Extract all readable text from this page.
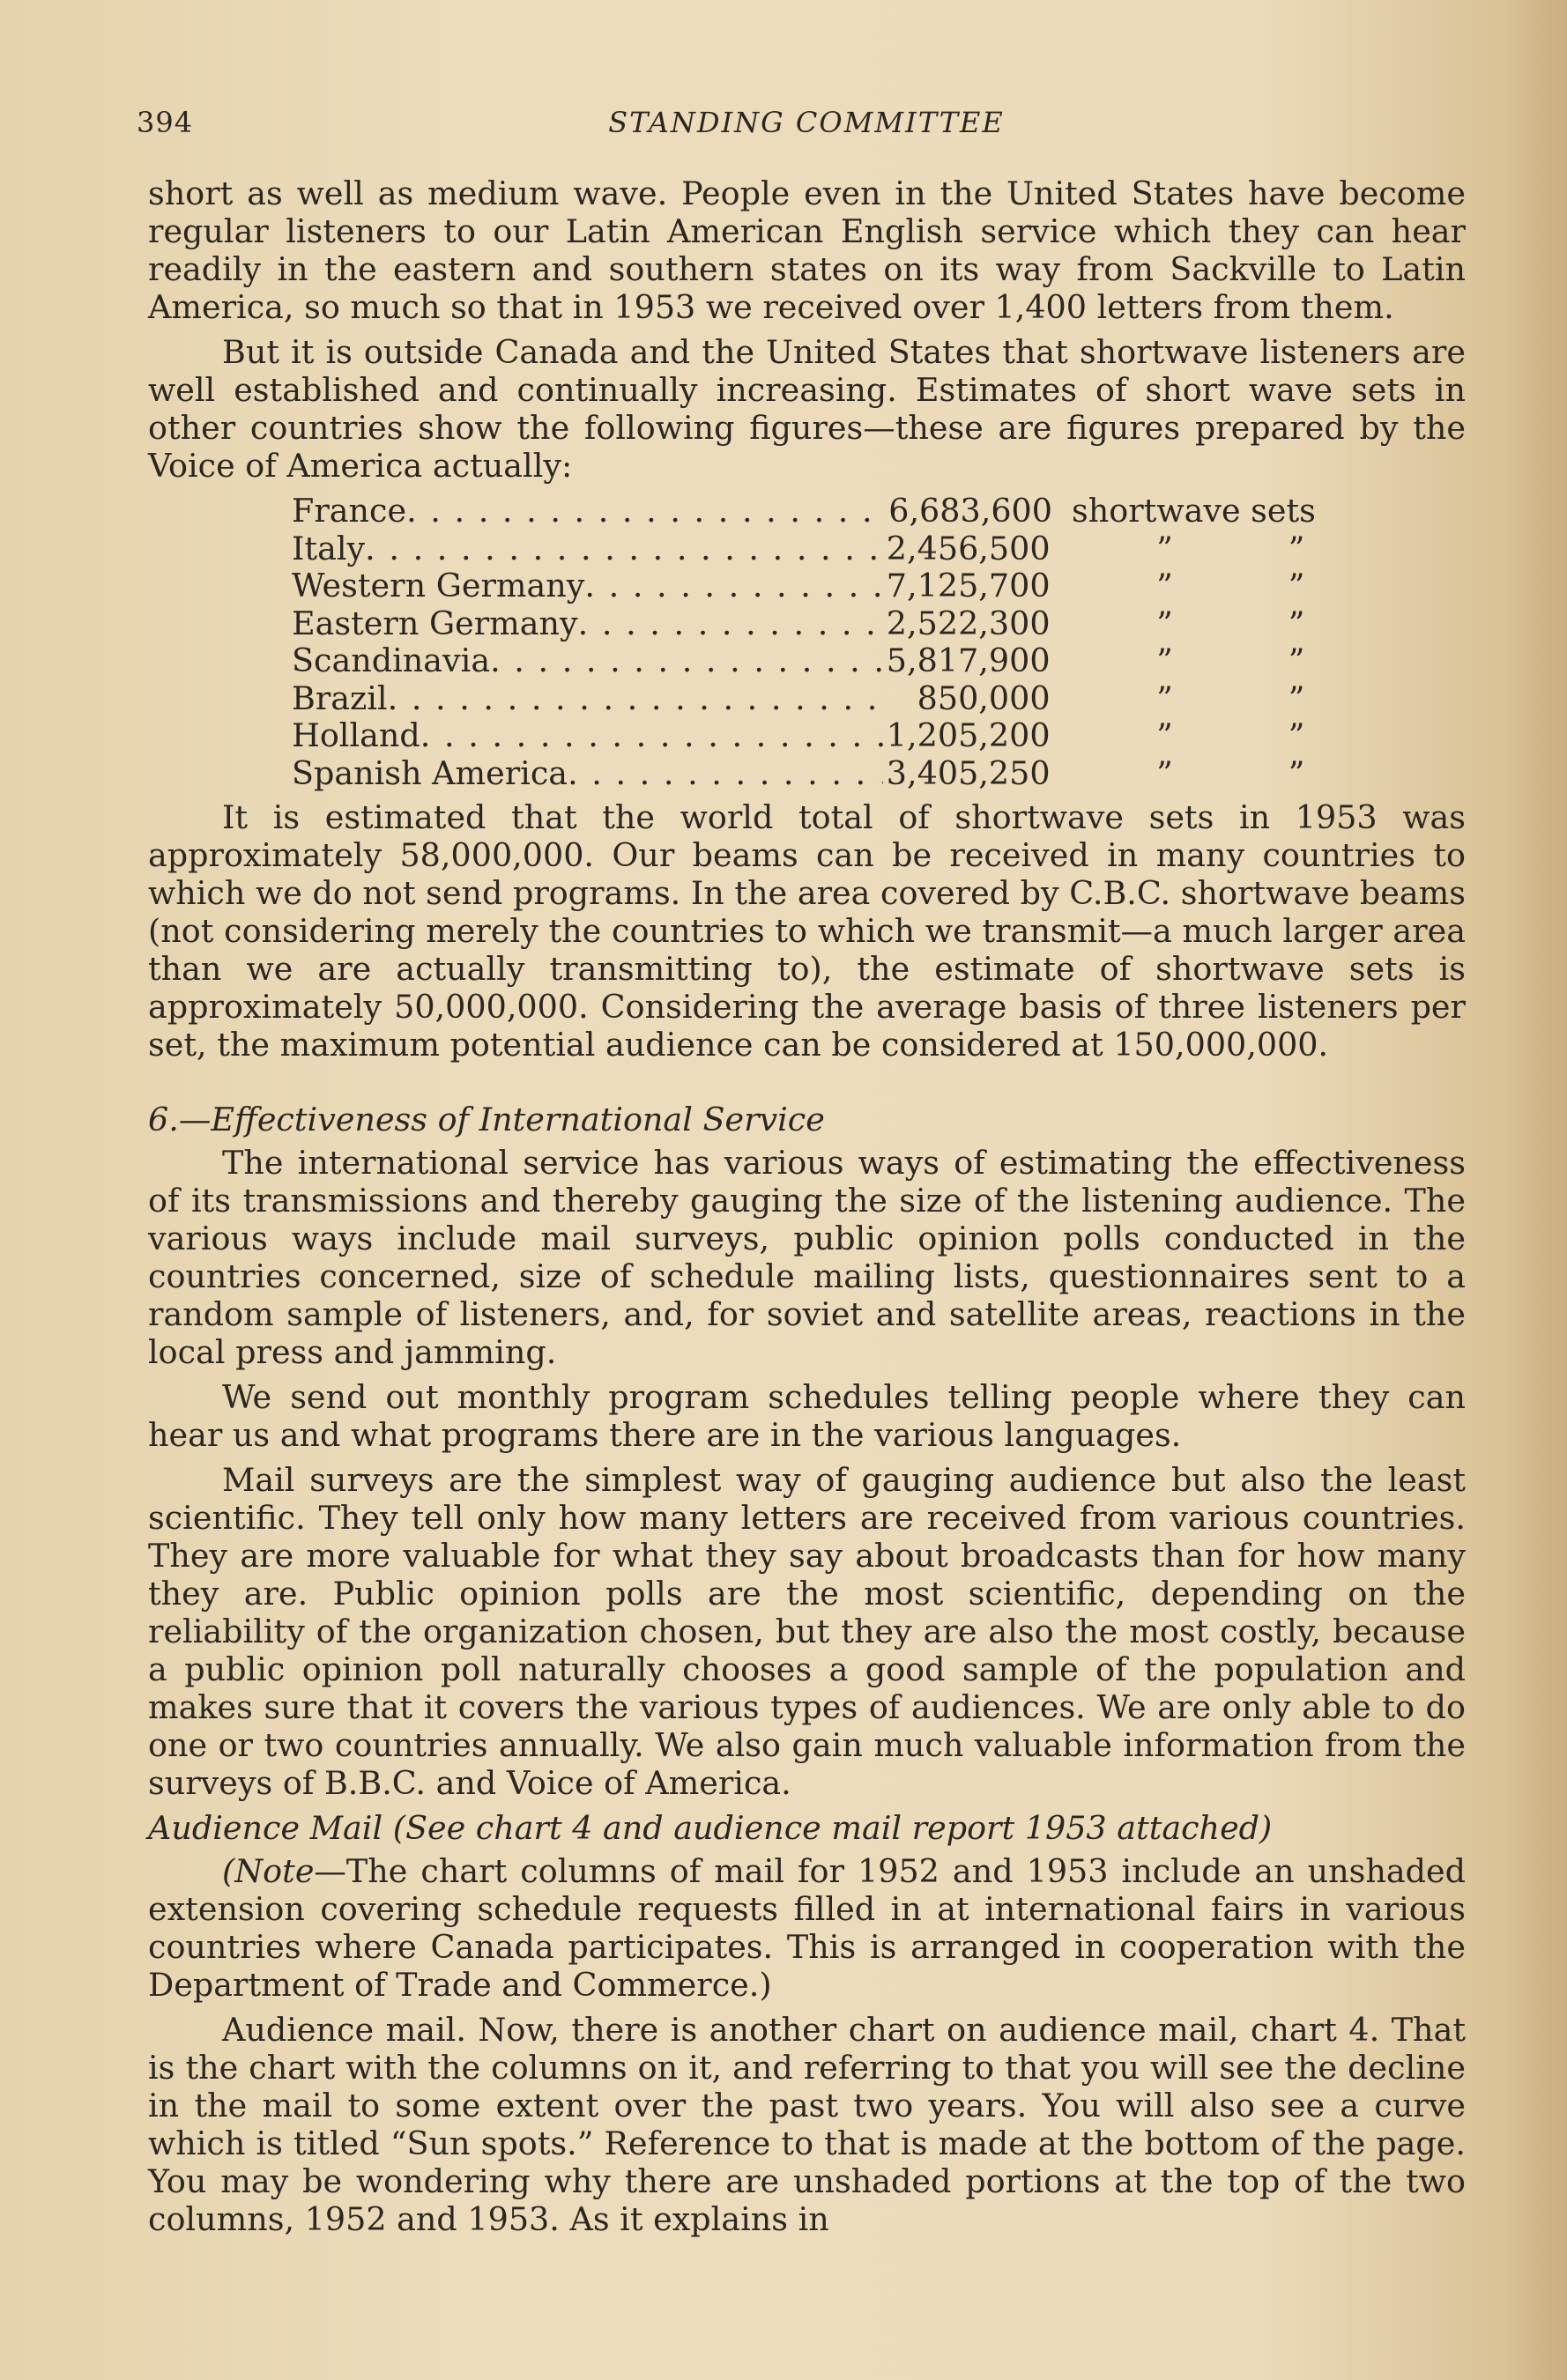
394	STANDING COMMITTEE

short as well as medium wave. People even in the United States have become regular listeners to our Latin American English service which they can hear readily in the eastern and southern states on its way from Sackville to Latin America, so much so that in 1953 we received over 1,400 letters from them.

But it is outside Canada and the United States that shortwave listeners are well established and continually increasing. Estimates of short wave sets in other countries show the following figures—these are figures prepared by the Voice of America actually:

France . . .	6,683,600 shortwave sets
Italy . . .	2,456,500	”	”
Western Germany . . .	7,125,700	”	”
Eastern Germany . . .	2,522,300	”	”
Scandinavia . . .	5,817,900	”	”
Brazil . . .	850,000	”	”
Holland . . .	1,205,200	”	”
Spanish America . . .	3,405,250	”	”

It is estimated that the world total of shortwave sets in 1953 was approximately 58,000,000. Our beams can be received in many countries to which we do not send programs. In the area covered by C.B.C. shortwave beams (not considering merely the countries to which we transmit—a much larger area than we are actually transmitting to), the estimate of shortwave sets is approximately 50,000,000. Considering the average basis of three listeners per set, the maximum potential audience can be considered at 150,000,000.

6.—Effectiveness of International Service

The international service has various ways of estimating the effectiveness of its transmissions and thereby gauging the size of the listening audience. The various ways include mail surveys, public opinion polls conducted in the countries concerned, size of schedule mailing lists, questionnaires sent to a random sample of listeners, and, for soviet and satellite areas, reactions in the local press and jamming.

We send out monthly program schedules telling people where they can hear us and what programs there are in the various languages.

Mail surveys are the simplest way of gauging audience but also the least scientific. They tell only how many letters are received from various countries. They are more valuable for what they say about broadcasts than for how many they are. Public opinion polls are the most scientific, depending on the reliability of the organization chosen, but they are also the most costly, because a public opinion poll naturally chooses a good sample of the population and makes sure that it covers the various types of audiences. We are only able to do one or two countries annually. We also gain much valuable information from the surveys of B.B.C. and Voice of America.

Audience Mail (See chart 4 and audience mail report 1953 attached)

(Note—The chart columns of mail for 1952 and 1953 include an unshaded extension covering schedule requests filled in at international fairs in various countries where Canada participates. This is arranged in cooperation with the Department of Trade and Commerce.)

Audience mail. Now, there is another chart on audience mail, chart 4. That is the chart with the columns on it, and referring to that you will see the decline in the mail to some extent over the past two years. You will also see a curve which is titled “Sun spots.” Reference to that is made at the bottom of the page. You may be wondering why there are unshaded portions at the top of the two columns, 1952 and 1953. As it explains in
